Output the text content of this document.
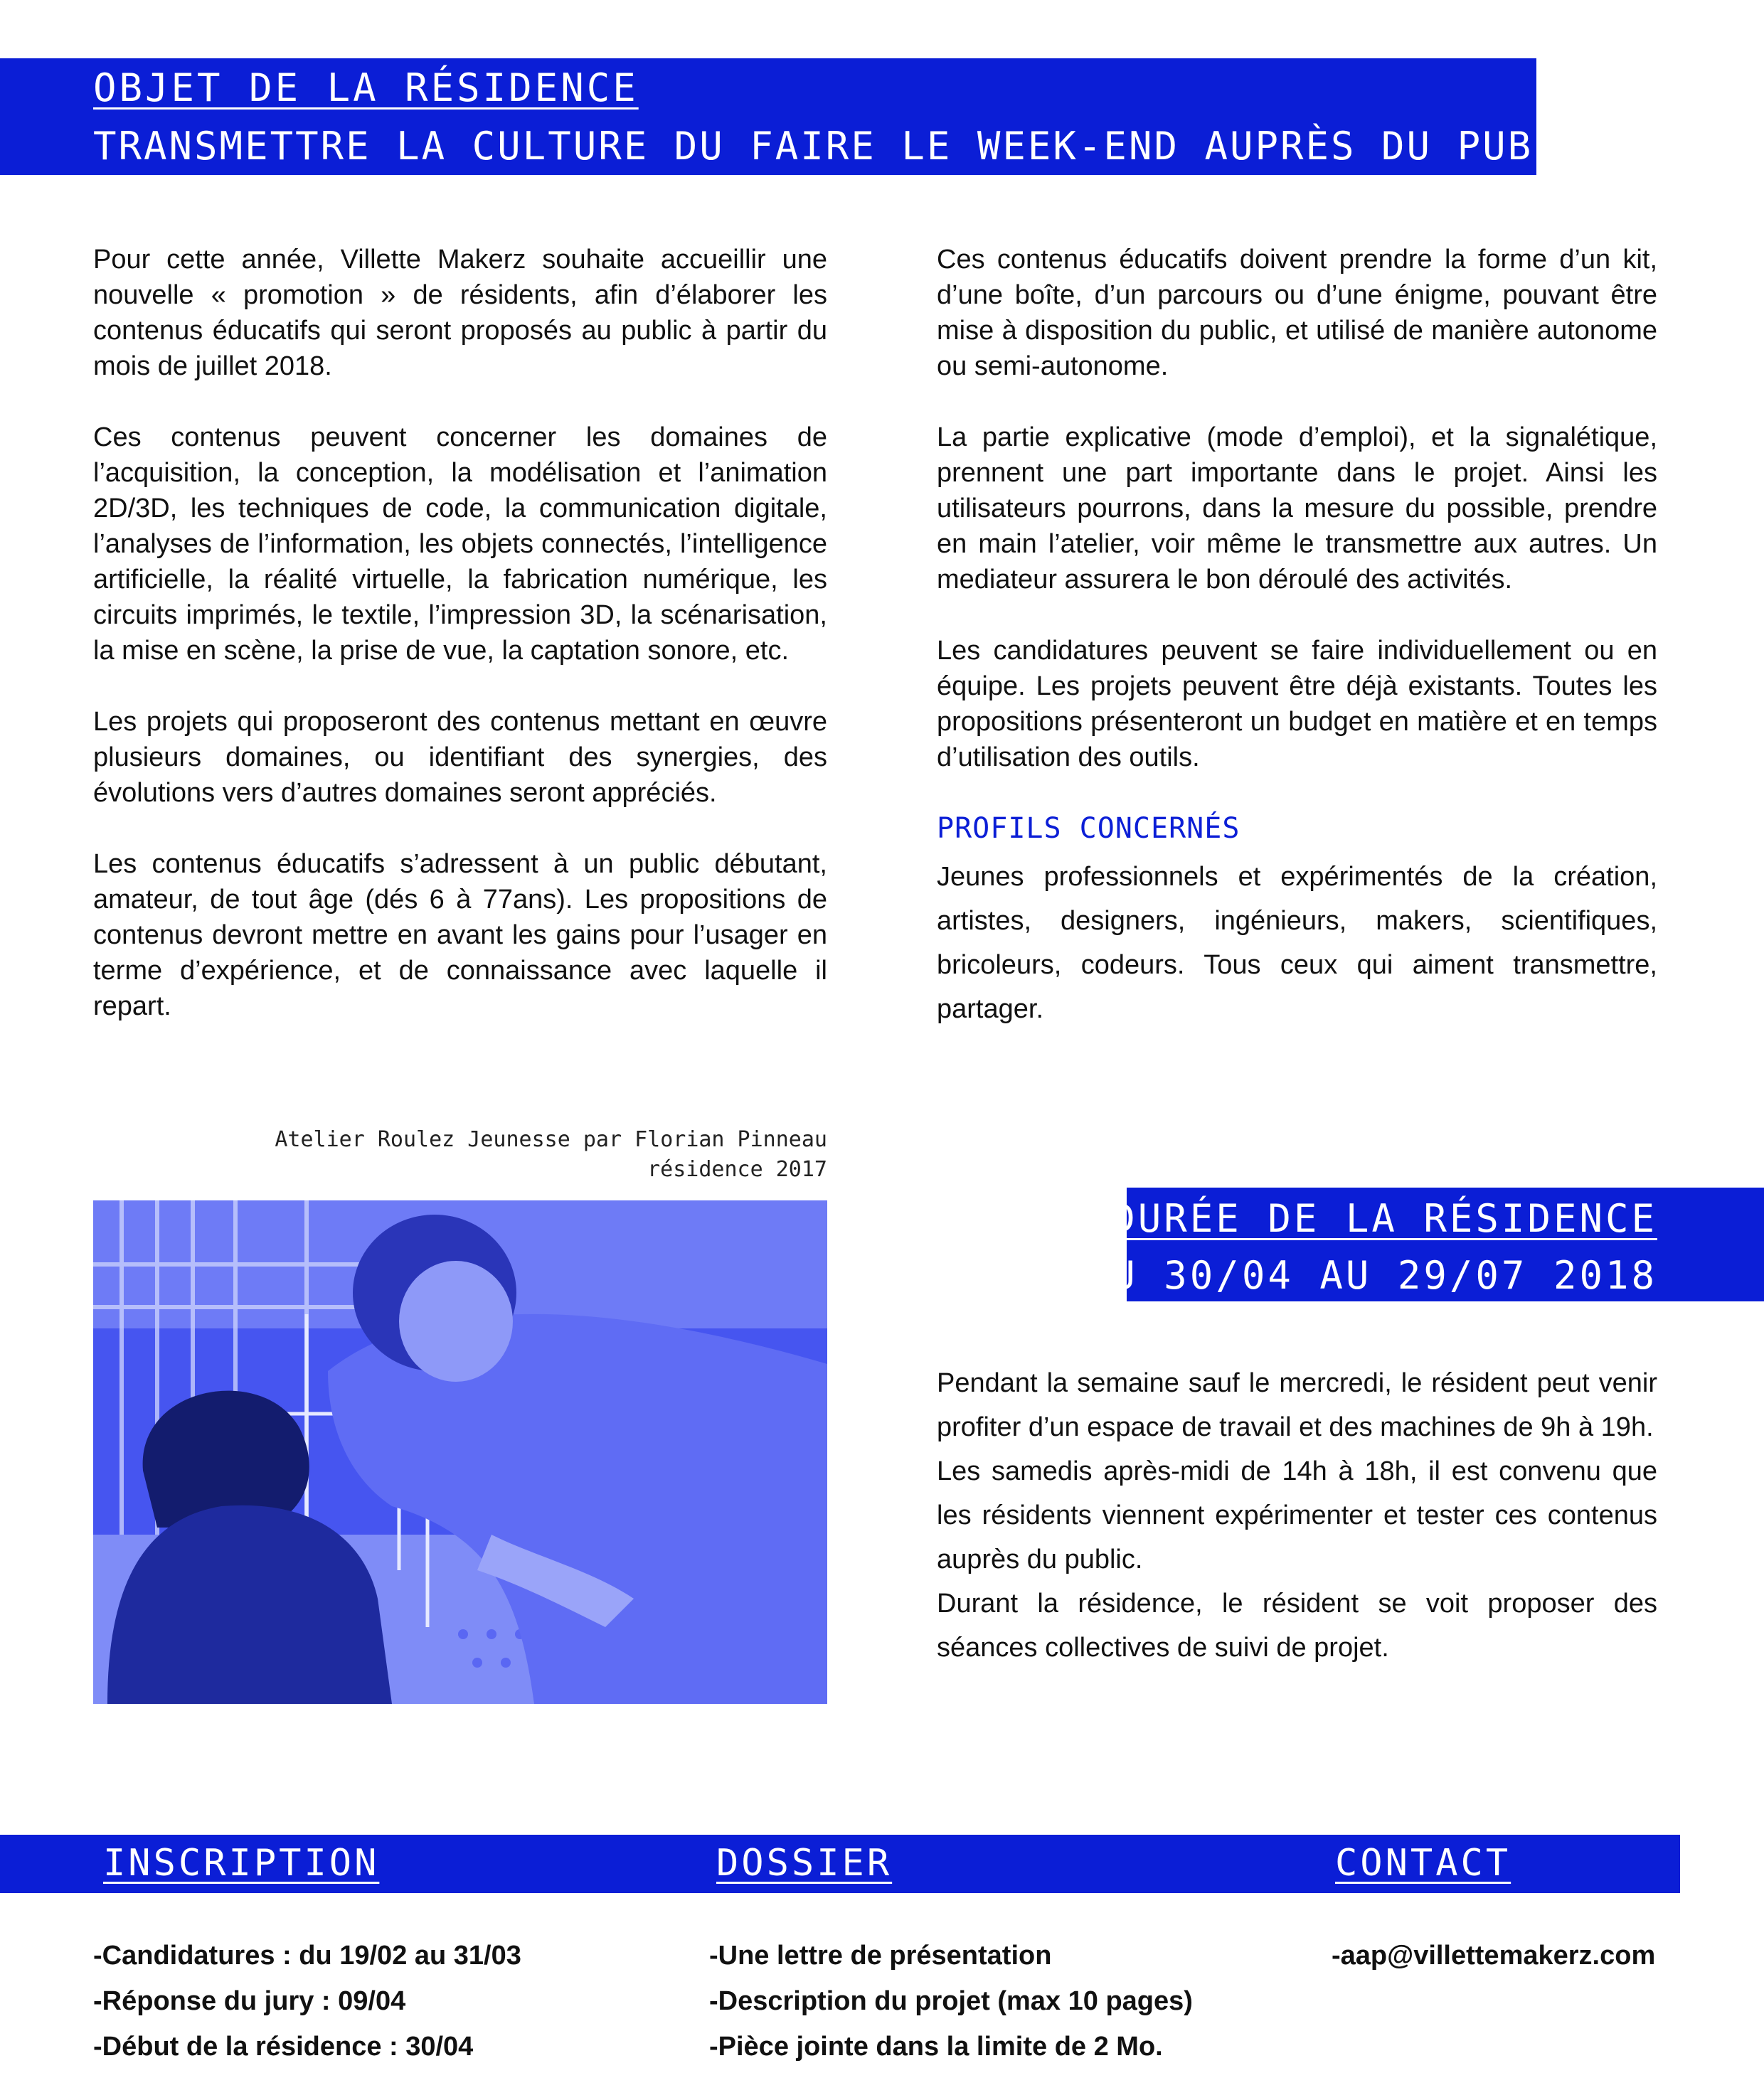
OBJET DE LA RÉSIDENCE
TRANSMETTRE LA CULTURE DU FAIRE LE WEEK-END AUPRÈS DU PUBLIC

Pour cette année, Villette Makerz souhaite accueillir une nouvelle « promotion » de résidents, afin d’élaborer les contenus éducatifs qui seront proposés au public à partir du mois de juillet 2018.

Ces contenus peuvent concerner les domaines de l’acquisition, la conception, la modélisation et l’animation 2D/3D, les techniques de code, la communication digitale, l’analyses de l’information, les objets connectés, l’intelligence artificielle, la réalité virtuelle, la fabrication numérique, les circuits imprimés, le textile, l’impression 3D, la scénarisation, la mise en scène, la prise de vue, la captation sonore, etc.

Les projets qui proposeront des contenus mettant en œuvre plusieurs domaines, ou identifiant des synergies, des évolutions vers d’autres domaines seront appréciés.

Les contenus éducatifs s’adressent à un public débutant, amateur, de tout âge (dés 6 à 77ans). Les propositions de contenus devront mettre en avant les gains pour l’usager en terme d’expérience, et de connaissance avec laquelle il repart.

Ces contenus éducatifs doivent prendre la forme d’un kit, d’une boîte, d’un parcours ou d’une énigme, pouvant être mise à disposition du public, et utilisé de manière autonome ou semi-autonome.

La partie explicative (mode d’emploi), et la signalétique, prennent une part importante dans le projet. Ainsi les utilisateurs pourrons, dans la mesure du possible, prendre en main l’atelier, voir même le transmettre aux autres. Un mediateur assurera le bon déroulé des activités.

Les candidatures peuvent se faire individuellement ou en équipe. Les projets peuvent être déjà existants. Toutes les propositions présenteront un budget en matière et en temps d’utilisation des outils.

PROFILS CONCERNÉS

Jeunes professionnels et expérimentés de la création, artistes, designers, ingénieurs, makers, scientifiques, bricoleurs, codeurs. Tous ceux qui aiment transmettre, partager.

Atelier Roulez Jeunesse par Florian Pinneau
résidence 2017
DURÉE DE LA RÉSIDENCE
DU 30/04 AU 29/07 2018
Pendant la semaine sauf le mercredi, le résident peut venir profiter d’un espace de travail et des machines de 9h à 19h.
Les samedis après-midi de 14h à 18h, il est convenu que les résidents viennent expérimenter et tester ces contenus auprès du public.
Durant la résidence, le résident se voit proposer des séances collectives de suivi de projet.
INSCRIPTION	DOSSIER	CONTACT
-Candidatures : du 19/02 au 31/03
-Réponse du jury : 09/04
-Début de la résidence : 30/04
-Une lettre de présentation
-Description du projet (max 10 pages)
-Pièce jointe dans la limite de 2 Mo.
-aap@villettemakerz.com
